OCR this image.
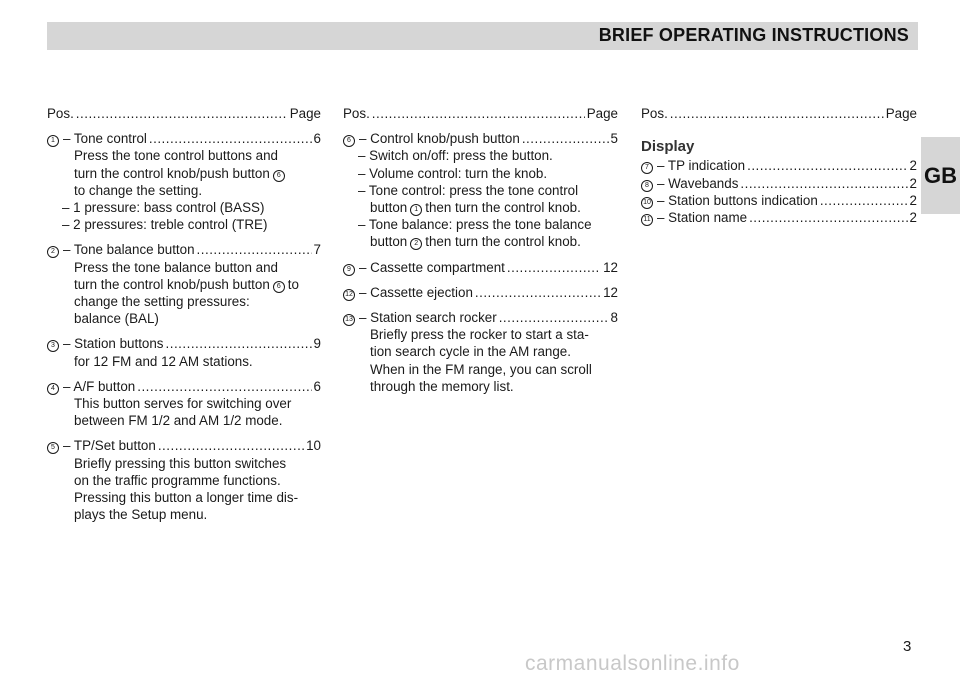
BRIEF OPERATING INSTRUCTIONS
GB
Pos. .....	Page
1 – Tone control .....	6
Press the tone control buttons and
turn the control knob/push button 6
to change the setting.
– 1 pressure: bass control (BASS)
– 2 pressures: treble control (TRE)
2 – Tone balance button .....	7
Press the tone balance button and
turn the control knob/push button 6 to
change the setting pressures:
balance (BAL)
3 – Station buttons .....	9
for 12 FM and 12 AM stations.
4 – A/F button .....	6
This button serves for switching over
between FM 1/2 and AM 1/2 mode.
5 – TP/Set button .....	10
Briefly pressing this button switches
on the traffic programme functions.
Pressing this button a longer time dis-
plays the Setup menu.
Pos. .....	Page
6 – Control knob/push button .....	5
– Switch on/off: press the button.
– Volume control: turn the knob.
– Tone control: press the tone control
button 1 then turn the control knob.
– Tone balance: press the tone balance
button 2 then turn the control knob.
9 – Cassette compartment .....	12
12 – Cassette ejection .....	12
13 – Station search rocker .....	8
Briefly press the rocker to start a sta-
tion search cycle in the AM range.
When in the FM range, you can scroll
through the memory list.
Pos. .....	Page
Display
7 – TP indication .....	2
8 – Wavebands .....	2
10 – Station buttons indication .....	2
11 – Station name .....	2
3
carmanualsonline.info
